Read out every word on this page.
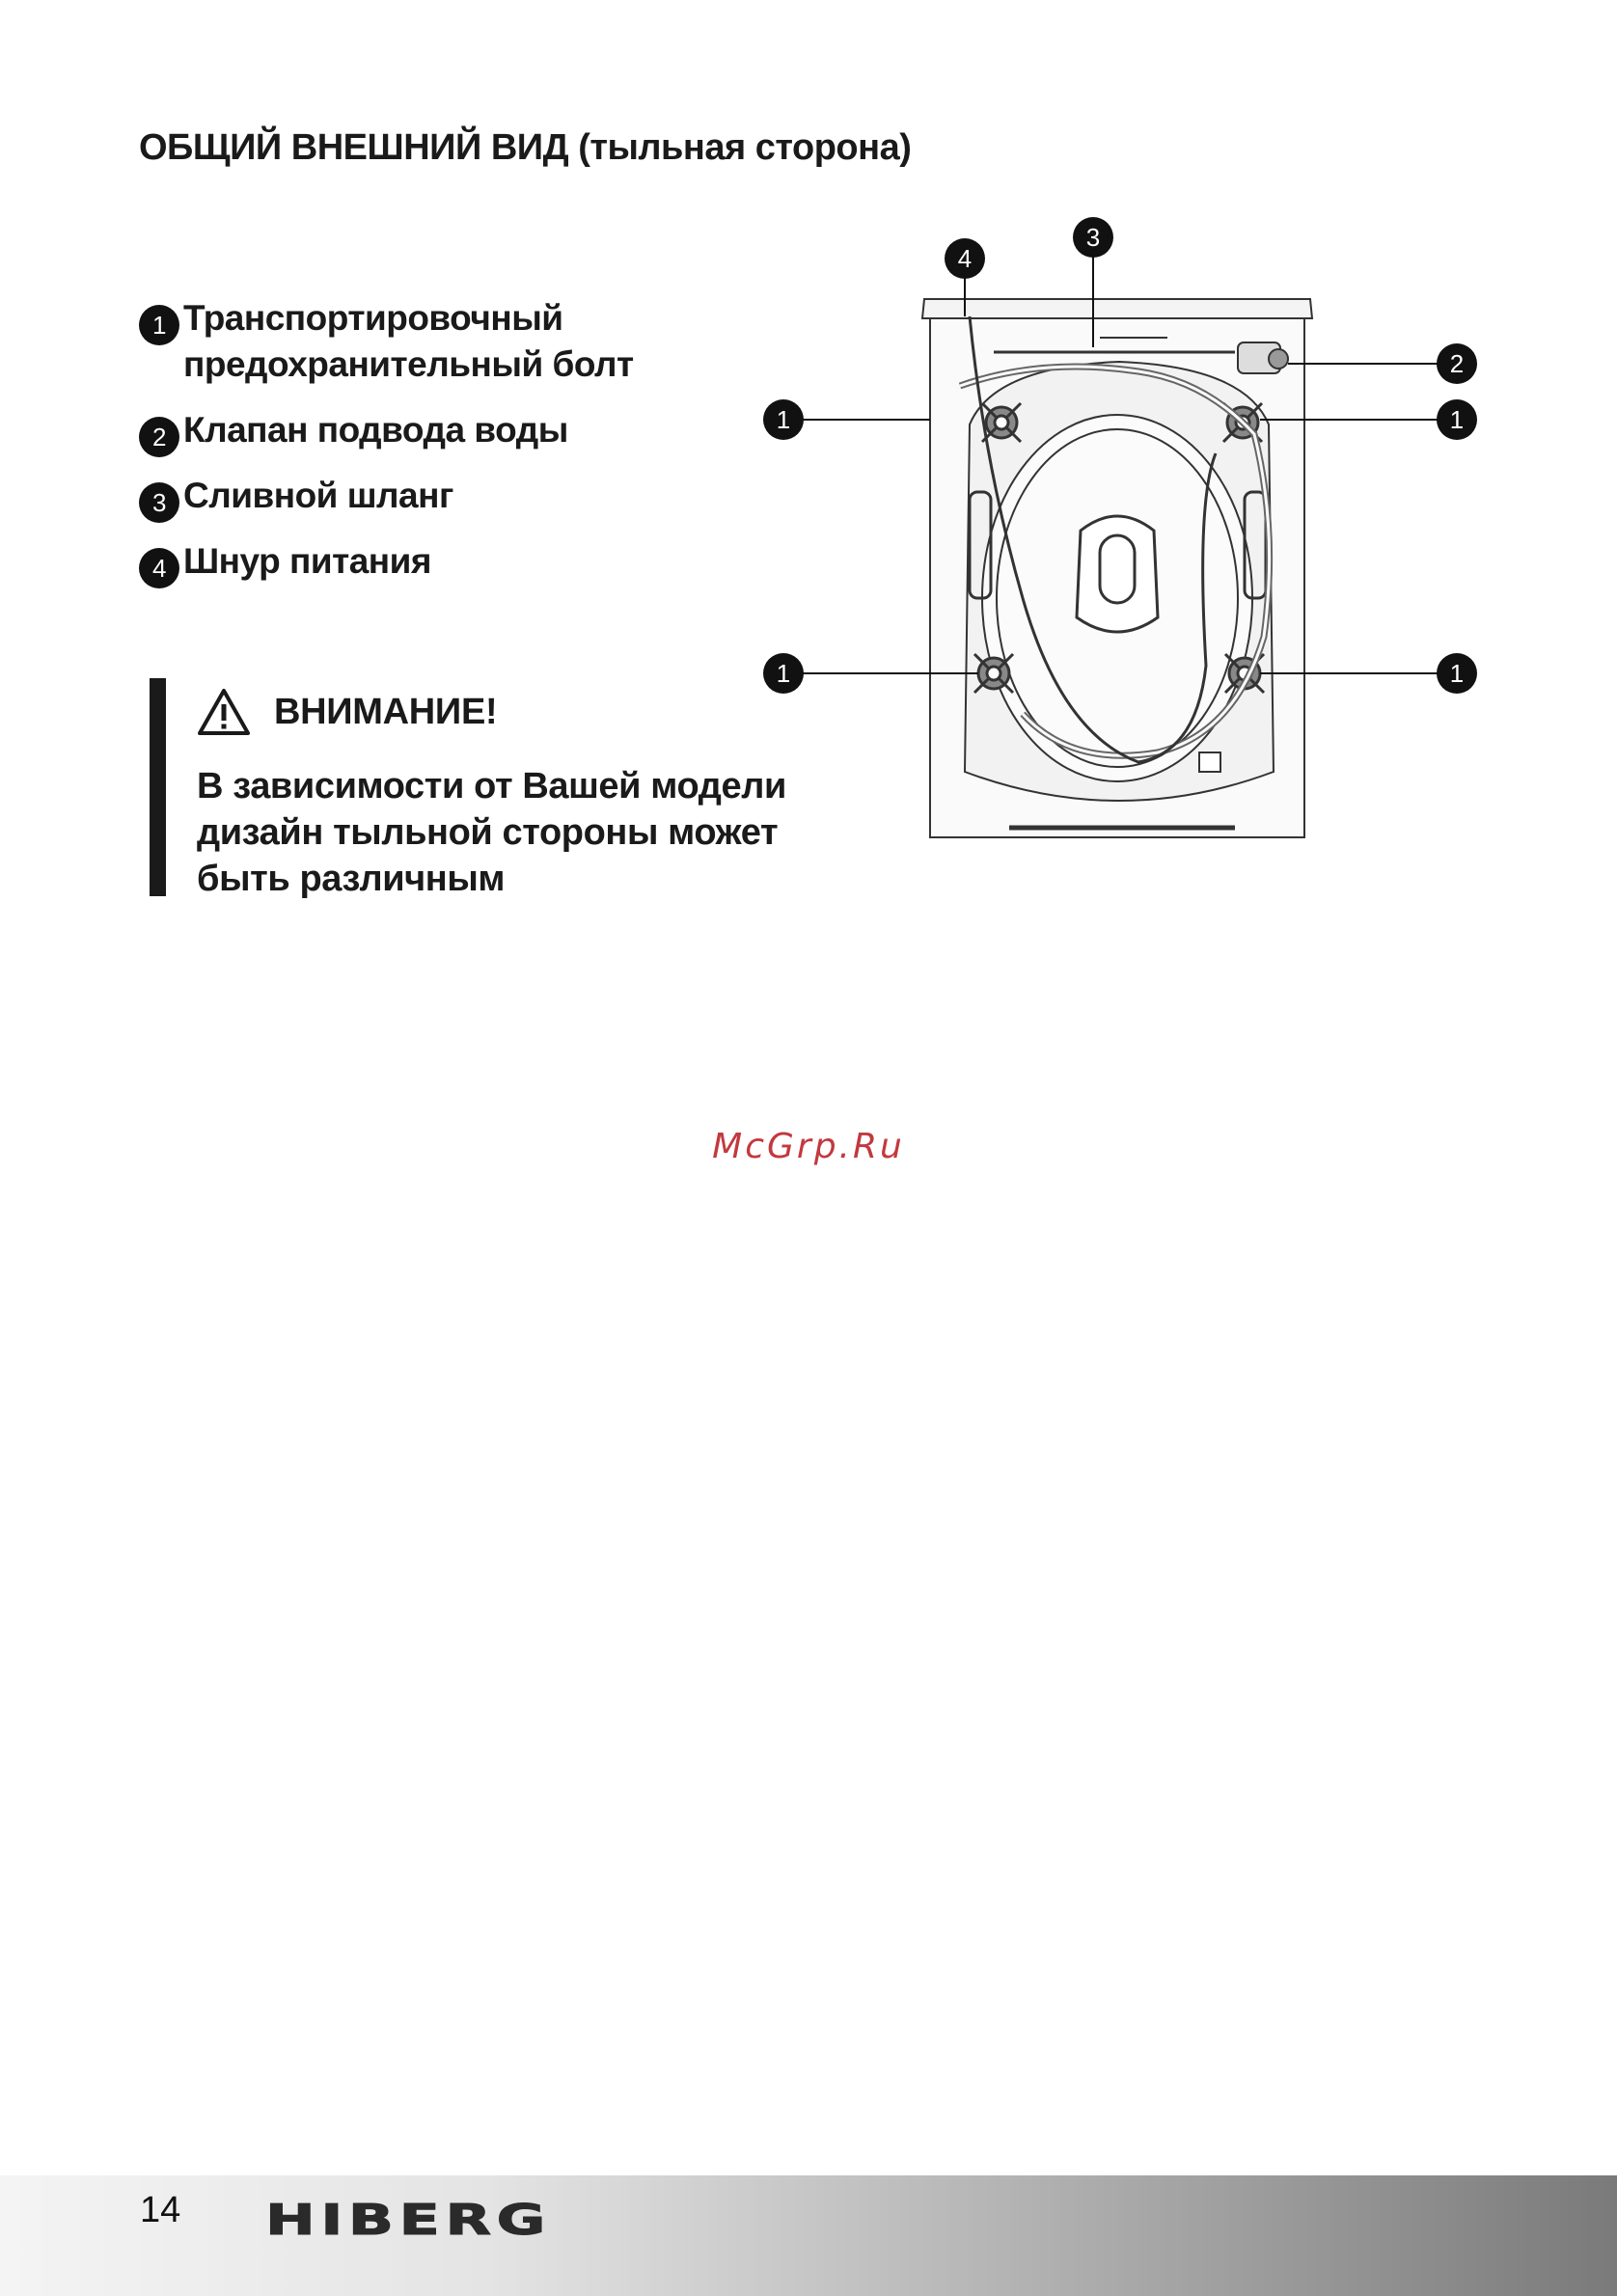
ОБЩИЙ ВНЕШНИЙ ВИД (тыльная сторона)
1 Транспортировочный
предохранительный болт
2 Клапан подвода воды
3 Сливной шланг
4 Шнур питания
ВНИМАНИЕ!
В зависимости от Вашей модели
дизайн тыльной стороны может
быть различным
1
1
1
1
2
3
4
McGrp.Ru
14 HIBERG
